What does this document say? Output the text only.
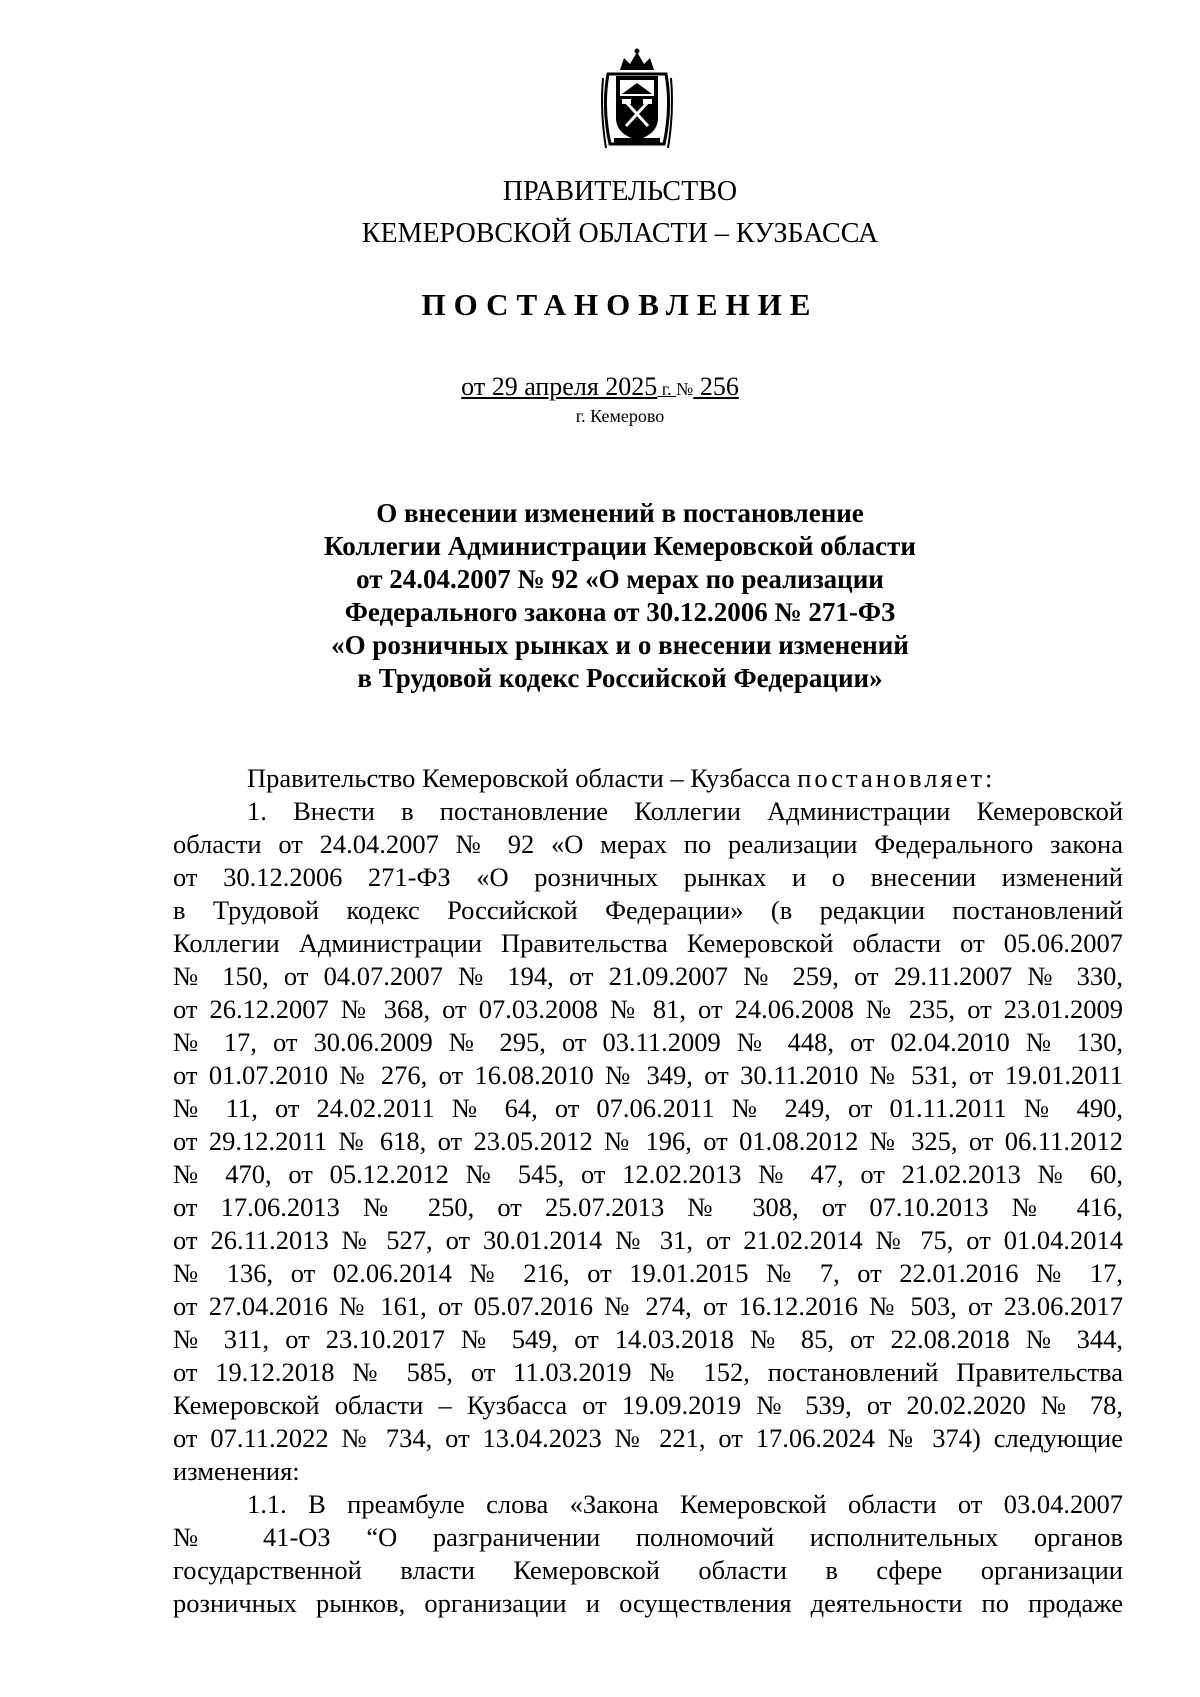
ПРАВИТЕЛЬСТВО
КЕМЕРОВСКОЙ ОБЛАСТИ – КУЗБАССА
ПОСТАНОВЛЕНИЕ
от 29 апреля 2025 г. № 256
г. Кемерово
О внесении изменений в постановление
Коллегии Администрации Кемеровской области
от 24.04.2007 № 92 «О мерах по реализации
Федерального закона от 30.12.2006 № 271-ФЗ
«О розничных рынках и о внесении изменений
в Трудовой кодекс Российской Федерации»
Правительство Кемеровской области – Кузбасса постановляет:
1. Внести в постановление Коллегии Администрации Кемеровской
области от 24.04.2007 № 92 «О мерах по реализации Федерального закона
от 30.12.2006 271-ФЗ «О розничных рынках и о внесении изменений
в Трудовой кодекс Российской Федерации» (в редакции постановлений
Коллегии Администрации Правительства Кемеровской области от 05.06.2007
№ 150, от 04.07.2007 № 194, от 21.09.2007 № 259, от 29.11.2007 № 330,
от 26.12.2007 № 368, от 07.03.2008 № 81, от 24.06.2008 № 235, от 23.01.2009
№ 17, от 30.06.2009 № 295, от 03.11.2009 № 448, от 02.04.2010 № 130,
от 01.07.2010 № 276, от 16.08.2010 № 349, от 30.11.2010 № 531, от 19.01.2011
№ 11, от 24.02.2011 № 64, от 07.06.2011 № 249, от 01.11.2011 № 490,
от 29.12.2011 № 618, от 23.05.2012 № 196, от 01.08.2012 № 325, от 06.11.2012
№ 470, от 05.12.2012 № 545, от 12.02.2013 № 47, от 21.02.2013 № 60,
от 17.06.2013 № 250, от 25.07.2013 № 308, от 07.10.2013 № 416,
от 26.11.2013 № 527, от 30.01.2014 № 31, от 21.02.2014 № 75, от 01.04.2014
№ 136, от 02.06.2014 № 216, от 19.01.2015 № 7, от 22.01.2016 № 17,
от 27.04.2016 № 161, от 05.07.2016 № 274, от 16.12.2016 № 503, от 23.06.2017
№ 311, от 23.10.2017 № 549, от 14.03.2018 № 85, от 22.08.2018 № 344,
от 19.12.2018 № 585, от 11.03.2019 № 152, постановлений Правительства
Кемеровской области – Кузбасса от 19.09.2019 № 539, от 20.02.2020 № 78,
от 07.11.2022 № 734, от 13.04.2023 № 221, от 17.06.2024 № 374) следующие
изменения:
1.1. В преамбуле слова «Закона Кемеровской области от 03.04.2007
№ 41-ОЗ “О разграничении полномочий исполнительных органов
государственной власти Кемеровской области в сфере организации
розничных рынков, организации и осуществления деятельности по продаже
